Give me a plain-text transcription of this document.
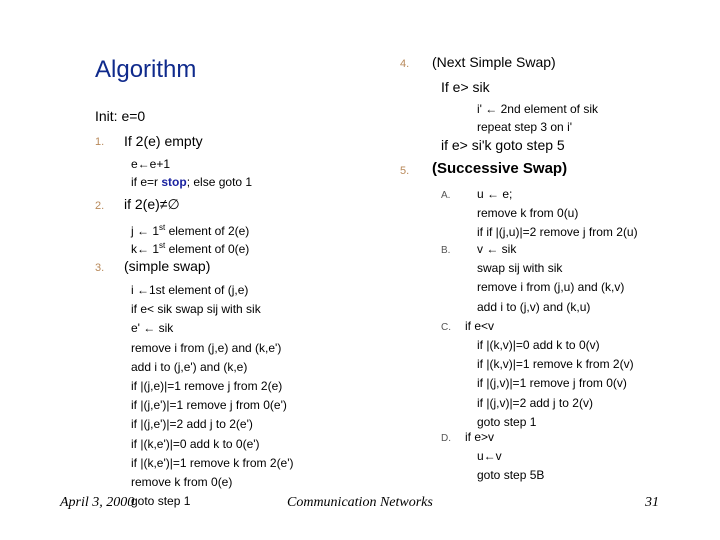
Algorithm
Init: e=0
1. If 2(e) empty
e←e+1
if e=r stop; else goto 1
2. if 2(e)≠∅
j ← 1st element of 2(e)
k← 1st element of 0(e)
3. (simple swap)
i ←1st element of (j,e)
if e< sik swap sij with sik
e' ← sik
remove i from (j,e) and (k,e')
add i to (j,e') and (k,e)
if |(j,e)|=1 remove j from 2(e)
if |(j,e')|=1 remove j from 0(e')
if |(j,e')|=2 add j to 2(e')
if |(k,e')|=0 add k to 0(e')
if |(k,e')|=1 remove k from 2(e')
remove k from 0(e)
goto step 1
4. (Next Simple Swap)
If e> sik
i' ← 2nd element of sik
repeat step 3 on i'
if e> si'k goto step 5
5. (Successive Swap)
A. u ← e;
remove k from 0(u)
if if |(j,u)|=2 remove j from 2(u)
B. v ← sik
swap sij with sik
remove i from (j,u) and (k,v)
add i to (j,v) and (k,u)
C. if e<v
if |(k,v)|=0 add k to 0(v)
if |(k,v)|=1 remove k from 2(v)
if |(j,v)|=1 remove j from 0(v)
if |(j,v)|=2 add j to 2(v)
goto step 1
D. if e>v
u←v
goto step 5B
April 3, 2000	Communication Networks	31
